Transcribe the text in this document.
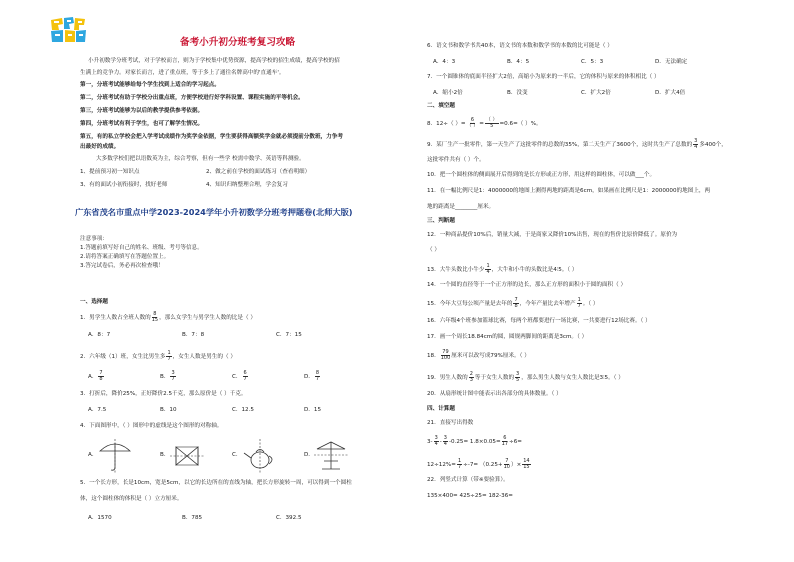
备考小升初分班考复习攻略
小升初数学分班考试，对于学校而言，则为于学校集中优势资源，提高学校的招生成绩，提高学校的招
生满上的竞争力。对家长而言，进了重点班，等于多上了通往名牌高中的'直通车'。
第一，分班考试能够给每个学生找到上适合的学习起点。
第二，分班考试有助于学校分出重点班，方便学校进行好学科设置、课程实施的平等机会。
第三，分班考试能够为以后的教学提供参考依据。
第四，分班考试有利于学生，也可了解学生情况。
第五，有的私立学校会把入学考试成绩作为奖学金依据，学生要获得高额奖学金就必须提前分数班，力争考
出最好的成绩。
大多数学校们把以语数英为主，综合考察，但有一些学 校需中数学、英语等科测验。
1、提前预习初一知识点	2、做之前在学校的面试练习（查看明细）
3、有的面试小初衔接时，找好老师	4、知识归纳整理合理，学会复习
广东省茂名市重点中学2023-2024学年小升初数学分班考押题卷(北师大版)
注意事项：
1.答题前填写好自己的姓名、班级、考号等信息。
2.请将答案正确填写在答题位置上。
3.答完试卷后，务必再次检查哦！
一、选择题
1．男学生人数占全班人数的 $\frac{8}{15}$ ，那么女学生与男学生人数的比是（ ）
A．8：7	B．7：8	C．7：15
2．六年级（1）班，女生比男生多 $\frac{1}{7}$ ，女生人数是男生的（ ）
A． $\frac{7}{8}$	B． $\frac{3}{7}$	C． $\frac{6}{7}$	D． $\frac{8}{7}$
3．打折后，降价25%，正好降价2.5千克，那么原价是（ ）千克。
A．7.5	B．10	C．12.5	D．15
4．下面图形中，（ ）图形中的虚线是这个图形的对称轴。
A．	B．	C．	D．
5．一个长方形，长是10cm，宽是5cm，以它的长边所在的直线为轴，把长方形旋转一周，可以得到一个圆柱
体，这个圆柱体的体积是（ ）立方厘米。
A．1570	B．785	C．392.5
6．语文书和数学书共40本，语文书的本数和数学书的本数的比可能是（ ）
A．4：3	B．4：5	C．5：3	D．无法确定
7．一个圆锥体的底面半径扩大2倍，高缩小为原来的一半后，它的体积与原来的体积相比（ ）
A．缩小2倍	B．没变	C．扩大2倍	D．扩大4倍
二、填空题
8．12÷（ ）= $\frac{6}{( )} = \frac{( )}{5} =0.6=$（ ）%。
9．某厂生产一批零件，第一天生产了这批零件的总数的35%，第二天生产了3600个，这时共生产了总数的 $\frac{3}{4}$ 多400个，
这批零件共有（ ）个。
10．把一个圆柱体的侧面展开后得到的是长方形或正方形，用这样的圆柱体，可以做___个。
11．在一幅比例尺是1：4000000的地图上测得两地的距离是6cm，如果画在比例尺是1：2000000的地图上，两
地的距离是________厘米。
三、判断题
12．一种商品提价10%后，销量大减，于是商家又降价10%出售，现在的售价比原价降低了。原价为
（ ）
13．大牛头数比小牛少 $\frac{1}{4}$ ，大牛和小牛的头数比是4∶5。（ ）
14．一个圆的直径等于一个正方形的边长，那么正方形的面积小于圆的面积（ ）
15．今年大豆每公顷产量是去年的 $\frac{7}{8}$ ，今年产量比去年增产 $\frac{1}{7}$ 。（ ）
16．六年级4个班参加篮球比赛，每两个班都要进行一场比赛，一共要进行12场比赛。（ ）
17．画一个周长18.84cm的圆，圆规两脚间的距离是3cm。（ ）
18． $\frac{79}{100}$ 厘米可以改写成79%厘米。（ ）
19．男生人数的 $\frac{2}{3}$ 等于女生人数的 $\frac{3}{5}$ ，那么男生人数与女生人数比是3∶5。（ ）
20．从扇形统计图中能表示出各部分的具体数量。（ ）
四、计算题
21．直接写出得数
$3- \frac{3}{4} - \frac{3}{4} -0.25= 1.8\times 0.05= \frac{6}{17} \div 6=$
$12\div 12\%= \frac{1}{7} \div-7= (0.25+ \frac{7}{10}$ ）× $\frac{14}{15}$
22．列竖式计算（带※要验算）。
135×400= 425÷25= 182-36=
